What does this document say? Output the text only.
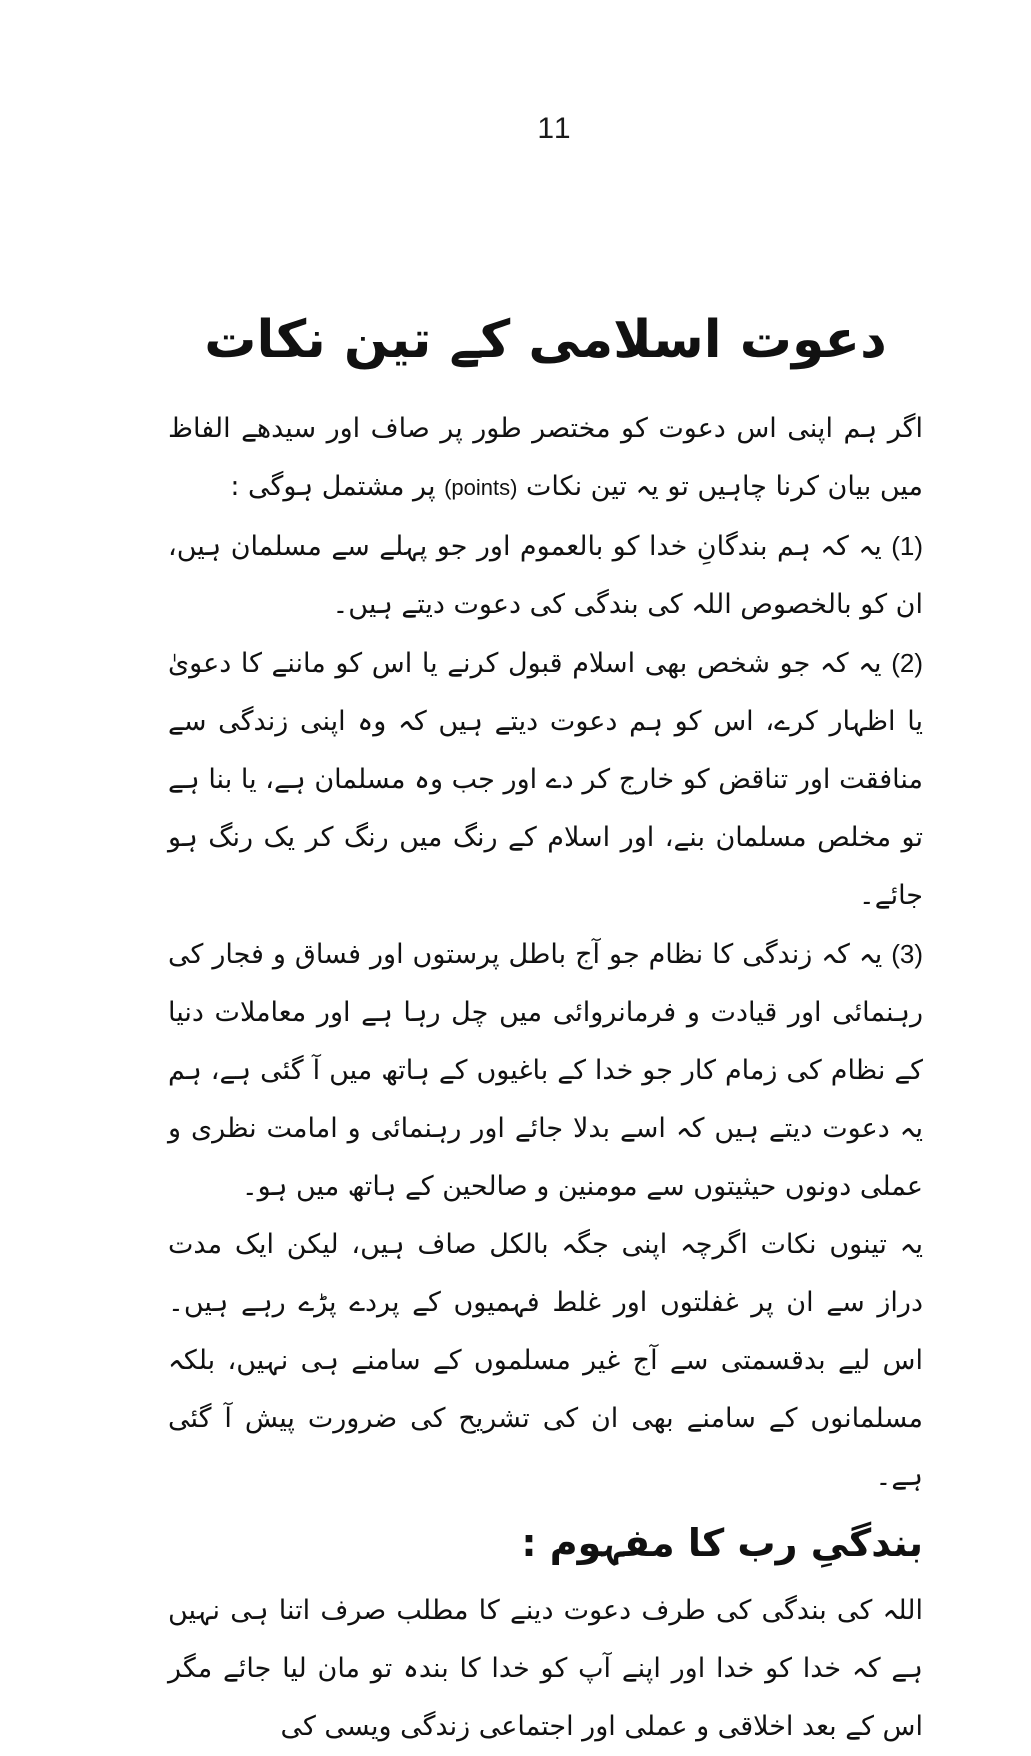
11
دعوت اسلامی کے تین نکات

اگر ہم اپنی اس دعوت کو مختصر طور پر صاف اور سیدھے الفاظ میں بیان کرنا چاہیں تو یہ تین نکات (points) پر مشتمل ہوگی :

(1) یہ کہ ہم بندگانِ خدا کو بالعموم اور جو پہلے سے مسلمان ہیں، ان کو بالخصوص اللہ کی بندگی کی دعوت دیتے ہیں۔

(2) یہ کہ جو شخص بھی اسلام قبول کرنے یا اس کو ماننے کا دعویٰ یا اظہار کرے، اس کو ہم دعوت دیتے ہیں کہ وہ اپنی زندگی سے منافقت اور تناقض کو خارج کر دے اور جب وہ مسلمان ہے، یا بنا ہے تو مخلص مسلمان بنے، اور اسلام کے رنگ میں رنگ کر یک رنگ ہو جائے۔

(3) یہ کہ زندگی کا نظام جو آج باطل پرستوں اور فساق و فجار کی رہنمائی اور قیادت و فرمانروائی میں چل رہا ہے اور معاملات دنیا کے نظام کی زمام کار جو خدا کے باغیوں کے ہاتھ میں آ گئی ہے، ہم یہ دعوت دیتے ہیں کہ اسے بدلا جائے اور رہنمائی و امامت نظری و عملی دونوں حیثیتوں سے مومنین و صالحین کے ہاتھ میں ہو۔

یہ تینوں نکات اگرچہ اپنی جگہ بالکل صاف ہیں، لیکن ایک مدت دراز سے ان پر غفلتوں اور غلط فہمیوں کے پردے پڑے رہے ہیں۔ اس لیے بدقسمتی سے آج غیر مسلموں کے سامنے ہی نہیں، بلکہ مسلمانوں کے سامنے بھی ان کی تشریح کی ضرورت پیش آ گئی ہے۔

بندگیِ رب کا مفہوم :

اللہ کی بندگی کی طرف دعوت دینے کا مطلب صرف اتنا ہی نہیں ہے کہ خدا کو خدا اور اپنے آپ کو خدا کا بندہ تو مان لیا جائے مگر اس کے بعد اخلاقی و عملی اور اجتماعی زندگی ویسی کی
